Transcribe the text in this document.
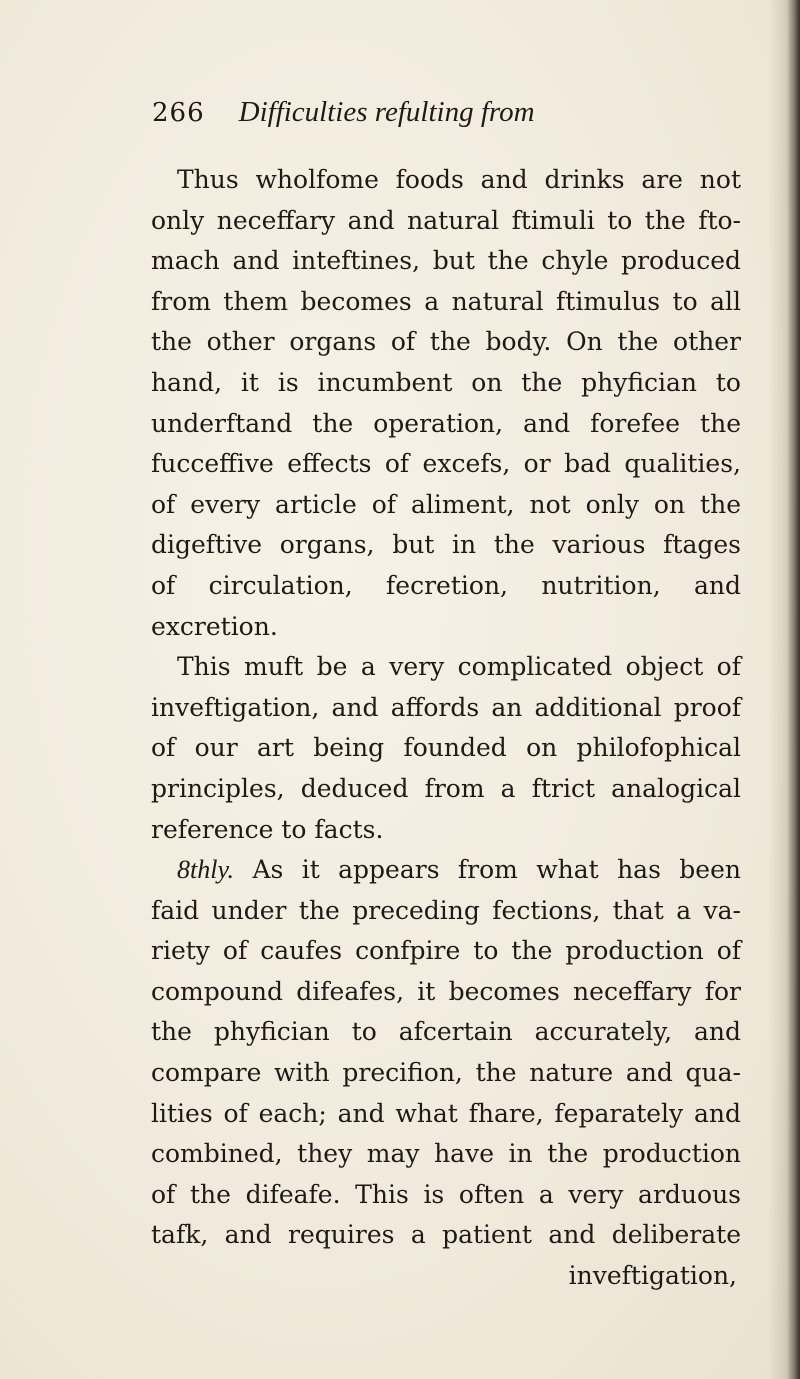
266 Difficulties refulting from
Thus wholfome foods and drinks are not
only neceffary and natural ftimuli to the fto-
mach and inteftines, but the chyle produced
from them becomes a natural ftimulus to all
the other organs of the body. On the other
hand, it is incumbent on the phyfician to
underftand the operation, and forefee the
fucceffive effects of excefs, or bad qualities,
of every article of aliment, not only on the
digeftive organs, but in the various ftages
of circulation, fecretion, nutrition, and
excretion.
This muft be a very complicated object of
inveftigation, and affords an additional proof
of our art being founded on philofophical
principles, deduced from a ftrict analogical
reference to facts.
8thly. As it appears from what has been
faid under the preceding fections, that a va-
riety of caufes confpire to the production of
compound difeafes, it becomes neceffary for
the phyfician to afcertain accurately, and
compare with precifion, the nature and qua-
lities of each; and what fhare, feparately and
combined, they may have in the production
of the difeafe. This is often a very arduous
tafk, and requires a patient and deliberate
inveftigation,
